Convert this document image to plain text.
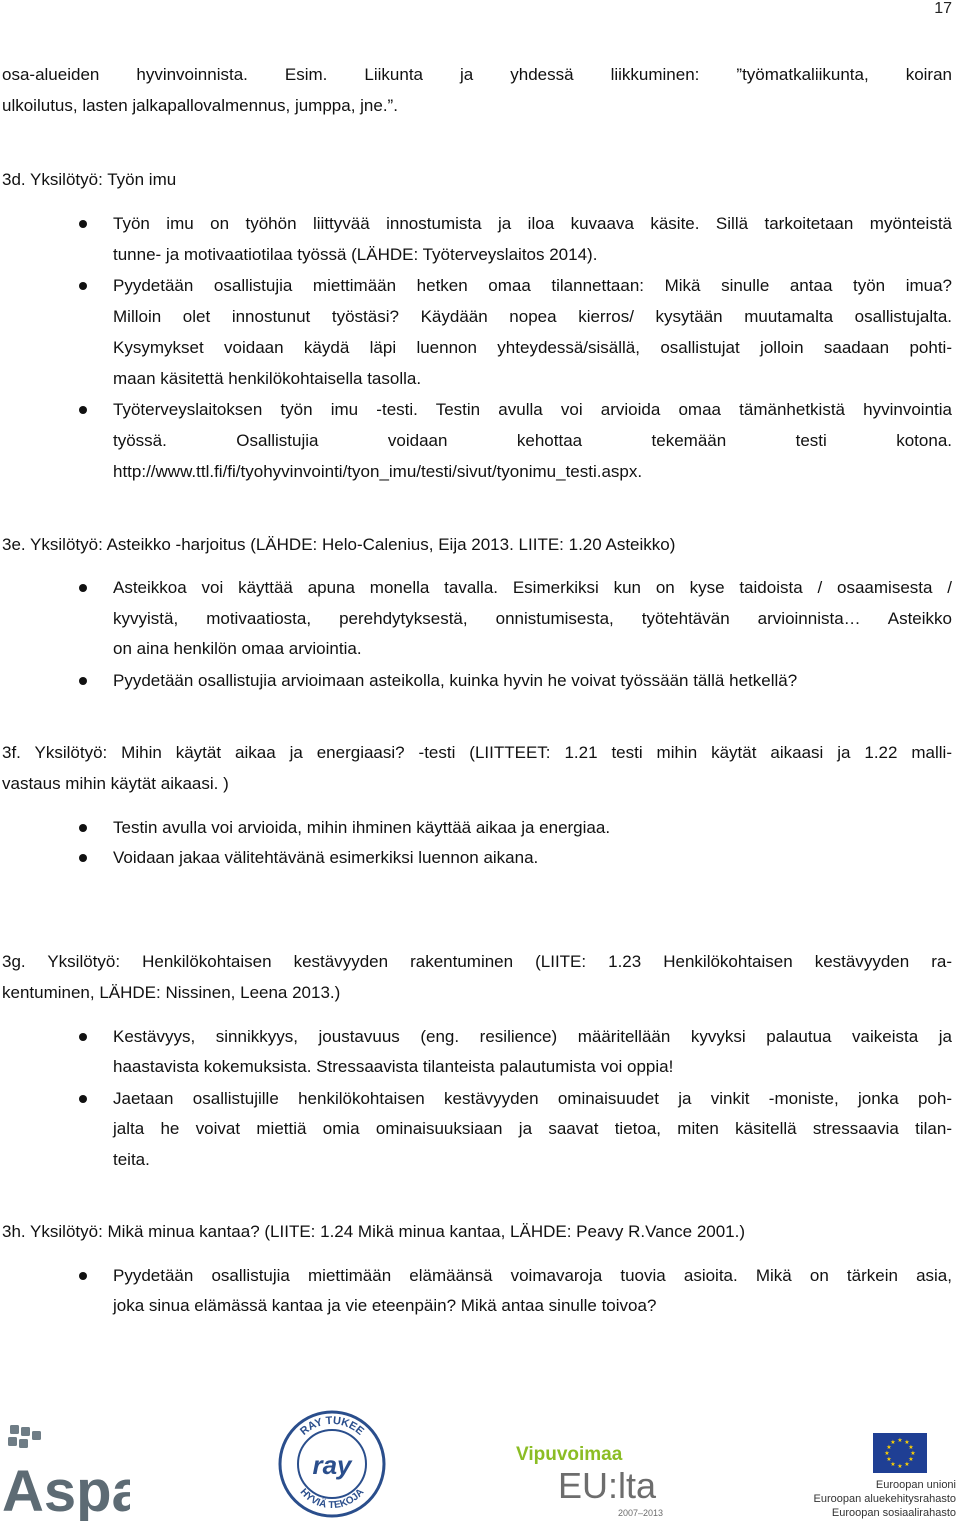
17

osa-alueiden hyvinvoinnista. Esim. Liikunta ja yhdessä liikkuminen: ”työmatkaliikunta, koiran

ulkoilutus, lasten jalkapallovalmennus, jumppa, jne.”.

3d. Yksilötyö: Työn imu

Työn imu on työhön liittyvää innostumista ja iloa kuvaava käsite. Sillä tarkoitetaan myönteistä

tunne- ja motivaatiotilaa työssä (LÄHDE: Työterveyslaitos 2014).

Pyydetään osallistujia miettimään hetken omaa tilannettaan: Mikä sinulle antaa työn imua?

Milloin olet innostunut työstäsi? Käydään nopea kierros/ kysytään muutamalta osallistujalta.

Kysymykset voidaan käydä läpi luennon yhteydessä/sisällä, osallistujat jolloin saadaan pohti-

maan käsitettä henkilökohtaisella tasolla.

Työterveyslaitoksen työn imu -testi. Testin avulla voi arvioida omaa tämänhetkistä hyvinvointia

työssä. Osallistujia voidaan kehottaa tekemään testi kotona.

http://www.ttl.fi/fi/tyohyvinvointi/tyon_imu/testi/sivut/tyonimu_testi.aspx.

3e. Yksilötyö: Asteikko -harjoitus (LÄHDE: Helo-Calenius, Eija 2013. LIITE: 1.20 Asteikko)

Asteikkoa voi käyttää apuna monella tavalla. Esimerkiksi kun on kyse taidoista / osaamisesta /

kyvyistä, motivaatiosta, perehdytyksestä, onnistumisesta, työtehtävän arvioinnista… Asteikko

on aina henkilön omaa arviointia.

Pyydetään osallistujia arvioimaan asteikolla, kuinka hyvin he voivat työssään tällä hetkellä?

3f. Yksilötyö: Mihin käytät aikaa ja energiaasi? -testi (LIITTEET: 1.21 testi mihin käytät aikaasi ja 1.22 malli-

vastaus mihin käytät aikaasi. )

Testin avulla voi arvioida, mihin ihminen käyttää aikaa ja energiaa.

Voidaan jakaa välitehtävänä esimerkiksi luennon aikana.

3g. Yksilötyö: Henkilökohtaisen kestävyyden rakentuminen (LIITE: 1.23 Henkilökohtaisen kestävyyden ra-

kentuminen, LÄHDE: Nissinen, Leena 2013.)

Kestävyys, sinnikkyys, joustavuus (eng. resilience) määritellään kyvyksi palautua vaikeista ja

haastavista kokemuksista. Stressaavista tilanteista palautumista voi oppia!

Jaetaan osallistujille henkilökohtaisen kestävyyden ominaisuudet ja vinkit -moniste, jonka poh-

jalta he voivat miettiä omia ominaisuuksiaan ja saavat tietoa, miten käsitellä stressaavia tilan-

teita.

3h. Yksilötyö: Mikä minua kantaa? (LIITE: 1.24 Mikä minua kantaa, LÄHDE: Peavy R.Vance 2001.)

Pyydetään osallistujia miettimään elämäänsä voimavaroja tuovia asioita. Mikä on tärkein asia,

joka sinua elämässä kantaa ja vie eteenpäin? Mikä antaa sinulle toivoa?

Aspa
RAY TUKEE
HYVIÄ TEKOJA
ray	Vipuvoimaa
EU:lta
2007–2013
★ ★
★
★
★
★
★
★
★
★
★
★
Euroopan unioni
Euroopan aluekehitysrahasto
Euroopan sosiaalirahasto
